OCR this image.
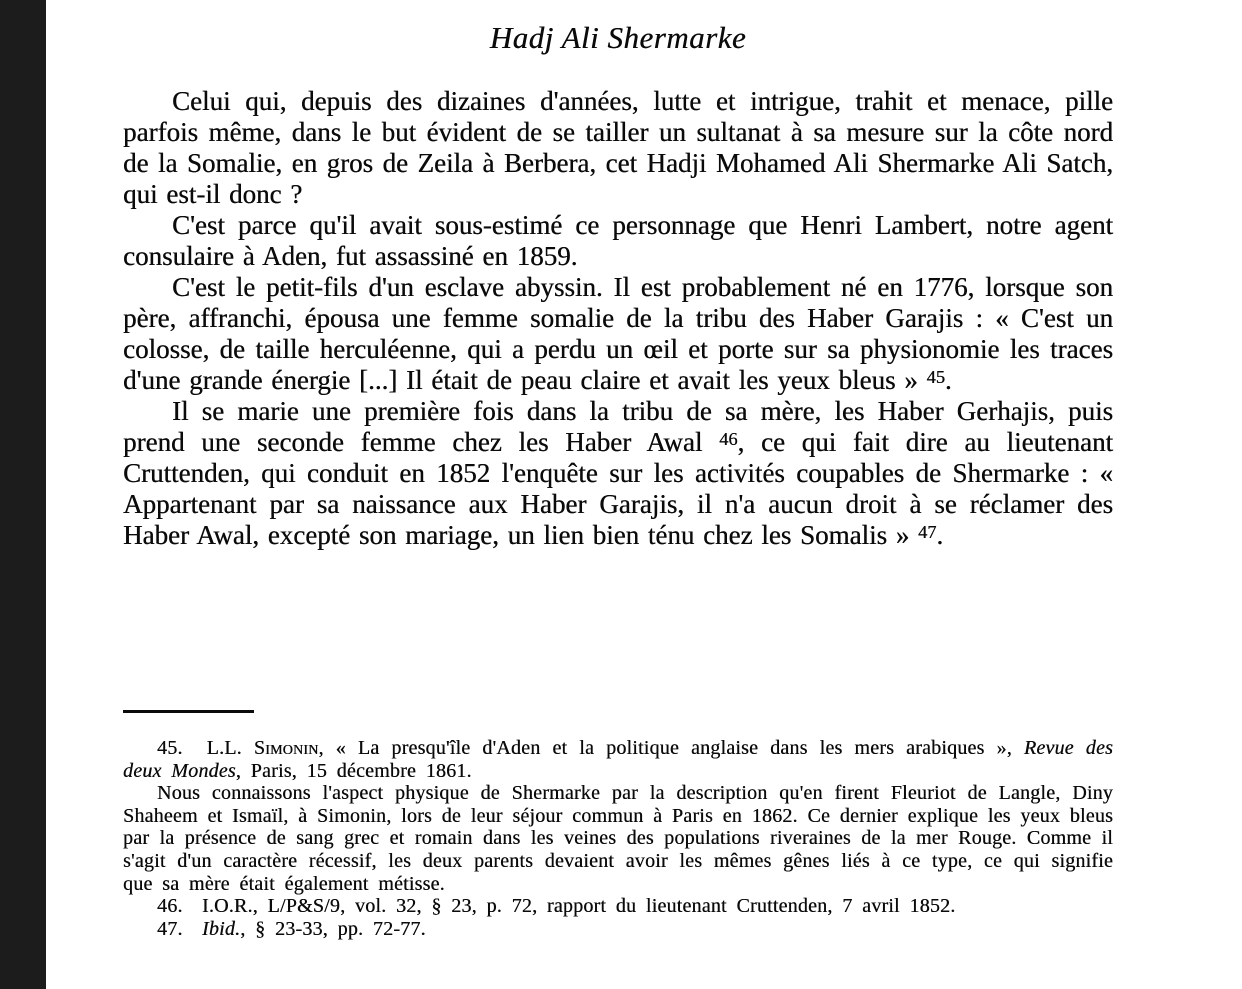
Hadj Ali Shermarke

Celui qui, depuis des dizaines d'années, lutte et intrigue, trahit et menace, pille parfois même, dans le but évident de se tailler un sultanat à sa mesure sur la côte nord de la Somalie, en gros de Zeila à Berbera, cet Hadji Mohamed Ali Shermarke Ali Satch, qui est-il donc ?

C'est parce qu'il avait sous-estimé ce personnage que Henri Lambert, notre agent consulaire à Aden, fut assassiné en 1859.

C'est le petit-fils d'un esclave abyssin. Il est probablement né en 1776, lorsque son père, affranchi, épousa une femme somalie de la tribu des Haber Garajis : « C'est un colosse, de taille herculéenne, qui a perdu un œil et porte sur sa physionomie les traces d'une grande énergie [...] Il était de peau claire et avait les yeux bleus » $^{45}$.

Il se marie une première fois dans la tribu de sa mère, les Haber Gerhajis, puis prend une seconde femme chez les Haber Awal $^{46}$, ce qui fait dire au lieutenant Cruttenden, qui conduit en 1852 l'enquête sur les activités coupables de Shermarke : « Appartenant par sa naissance aux Haber Garajis, il n'a aucun droit à se réclamer des Haber Awal, excepté son mariage, un lien bien ténu chez les Somalis » $^{47}$.

45.  L.L. Simonin, « La presqu'île d'Aden et la politique anglaise dans les mers arabiques », Revue des deux Mondes, Paris, 15 décembre 1861.

Nous connaissons l'aspect physique de Shermarke par la description qu'en firent Fleuriot de Langle, Diny Shaheem et Ismaïl, à Simonin, lors de leur séjour commun à Paris en 1862. Ce dernier explique les yeux bleus par la présence de sang grec et romain dans les veines des populations riveraines de la mer Rouge. Comme il s'agit d'un caractère récessif, les deux parents devaient avoir les mêmes gênes liés à ce type, ce qui signifie que sa mère était également métisse.

46.  I.O.R., L/P&S/9, vol. 32, § 23, p. 72, rapport du lieutenant Cruttenden, 7 avril 1852.

47.  Ibid., § 23-33, pp. 72-77.
